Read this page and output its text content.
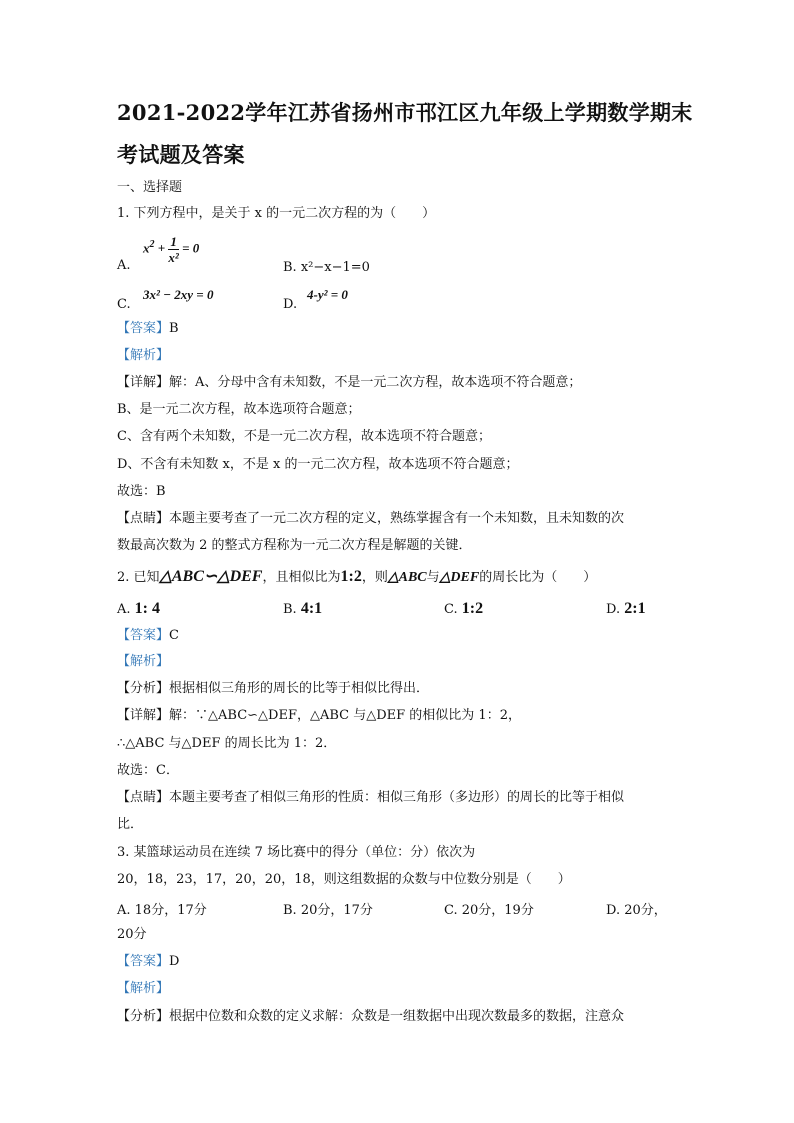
2021-2022学年江苏省扬州市邗江区九年级上学期数学期末
考试题及答案
一、选择题
1. 下列方程中，是关于 x 的一元二次方程的为（　　）
A.
$x^2 + \frac{1}{\text{x²}} = 0$
B. x²−x−1=0
C.
3x² − 2xy = 0
D.
4-y² = 0
【答案】B
【解析】
【详解】解：A、分母中含有未知数，不是一元二次方程，故本选项不符合题意；
B、是一元二次方程，故本选项符合题意；
C、含有两个未知数，不是一元二次方程，故本选项不符合题意；
D、不含有未知数 x，不是 x 的一元二次方程，故本选项不符合题意；
故选：B
【点睛】本题主要考查了一元二次方程的定义，熟练掌握含有一个未知数，且未知数的次
数最高次数为 2 的整式方程称为一元二次方程是解题的关键．
2. 已知△ABC∽△DEF，且相似比为1:2，则△ABC与△DEF的周长比为（　　）
A. 1: 4	B. 4:1	C. 1:2	D. 2:1
【答案】C
【解析】
【分析】根据相似三角形的周长的比等于相似比得出．
【详解】解：∵△ABC∽△DEF，△ABC 与△DEF 的相似比为 1：2，
∴△ABC 与△DEF 的周长比为 1：2．
故选：C．
【点睛】本题主要考查了相似三角形的性质：相似三角形（多边形）的周长的比等于相似
比．
3. 某篮球运动员在连续 7 场比赛中的得分（单位：分）依次为
20，18，23，17，20，20，18，则这组数据的众数与中位数分别是（　　）
A. 18分，17分	B. 20分，17分	C. 20分，19分	D. 20分，
20分
【答案】D
【解析】
【分析】根据中位数和众数的定义求解：众数是一组数据中出现次数最多的数据，注意众
